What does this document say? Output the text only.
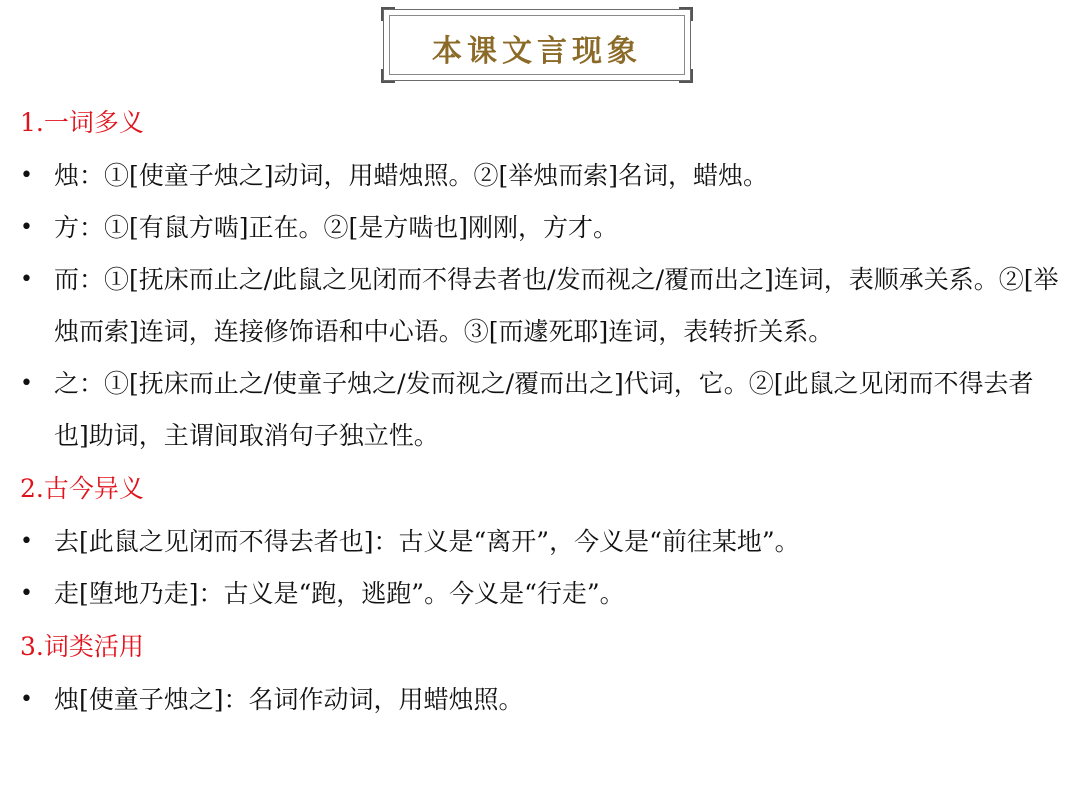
本课文言现象
1.一词多义
• 烛：①[使童子烛之]动词，用蜡烛照。②[举烛而索]名词，蜡烛。
• 方：①[有鼠方啮]正在。②[是方啮也]刚刚，方才。
• 而：①[抚床而止之/此鼠之见闭而不得去者也/发而视之/覆而出之]连词，表顺承关系。②[举烛而索]连词，连接修饰语和中心语。③[而遽死耶]连词，表转折关系。
• 之：①[抚床而止之/使童子烛之/发而视之/覆而出之]代词，它。②[此鼠之见闭而不得去者也]助词，主谓间取消句子独立性。
2.古今异义
• 去[此鼠之见闭而不得去者也]：古义是“离开”，今义是“前往某地”。
• 走[堕地乃走]：古义是“跑，逃跑”。今义是“行走”。
3.词类活用
• 烛[使童子烛之]：名词作动词，用蜡烛照。
